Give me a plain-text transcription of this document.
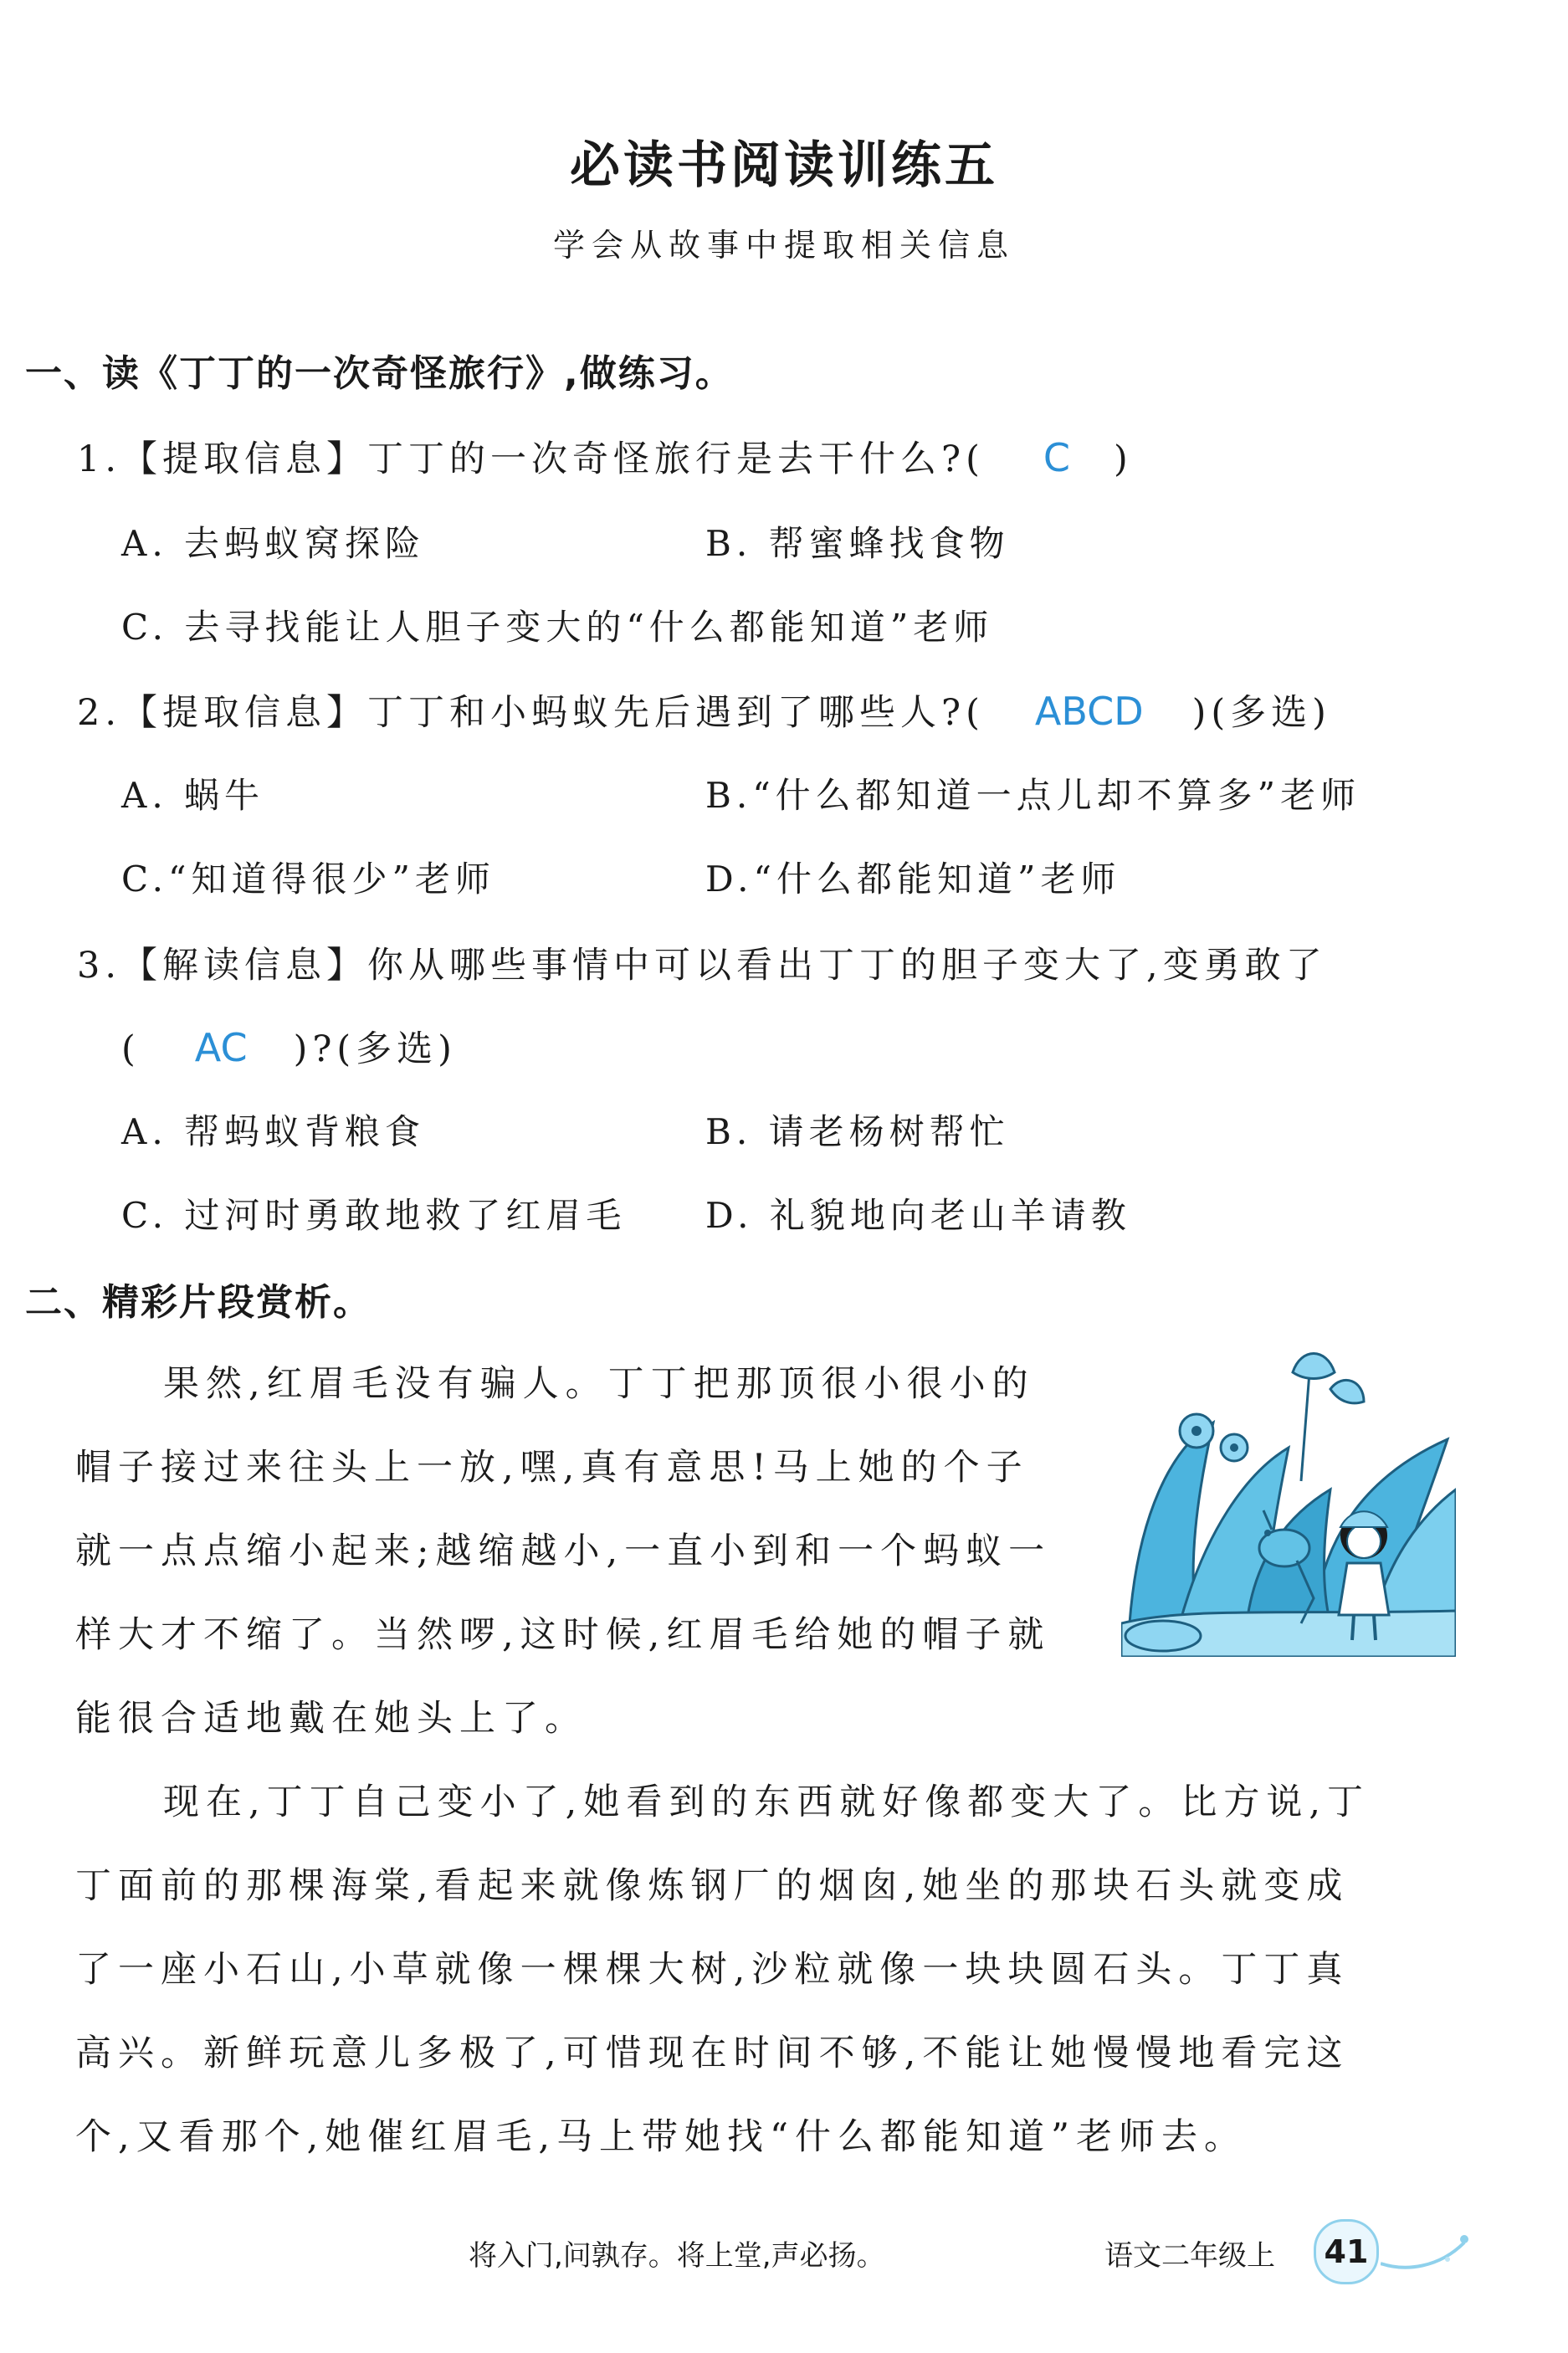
必读书阅读训练五
学会从故事中提取相关信息
一、读《丁丁的一次奇怪旅行》,做练习。
1.【提取信息】丁丁的一次奇怪旅行是去干什么?( C )
A. 去蚂蚁窝探险	B. 帮蜜蜂找食物
C. 去寻找能让人胆子变大的“什么都能知道”老师
2.【提取信息】丁丁和小蚂蚁先后遇到了哪些人?( ABCD )(多选)
A. 蜗牛	B.“什么都知道一点儿却不算多”老师
C.“知道得很少”老师	D.“什么都能知道”老师
3.【解读信息】你从哪些事情中可以看出丁丁的胆子变大了,变勇敢了
( AC )?(多选)
A. 帮蚂蚁背粮食	B. 请老杨树帮忙
C. 过河时勇敢地救了红眉毛 D. 礼貌地向老山羊请教
二、精彩片段赏析。
果然,红眉毛没有骗人。丁丁把那顶很小很小的
帽子接过来往头上一放,嘿,真有意思!马上她的个子
就一点点缩小起来;越缩越小,一直小到和一个蚂蚁一
样大才不缩了。当然啰,这时候,红眉毛给她的帽子就
能很合适地戴在她头上了。
现在,丁丁自己变小了,她看到的东西就好像都变大了。比方说,丁
丁面前的那棵海棠,看起来就像炼钢厂的烟囱,她坐的那块石头就变成
了一座小石山,小草就像一棵棵大树,沙粒就像一块块圆石头。丁丁真
高兴。新鲜玩意儿多极了,可惜现在时间不够,不能让她慢慢地看完这
个,又看那个,她催红眉毛,马上带她找“什么都能知道”老师去。
将入门,问孰存。将上堂,声必扬。	语文二年级上	41
